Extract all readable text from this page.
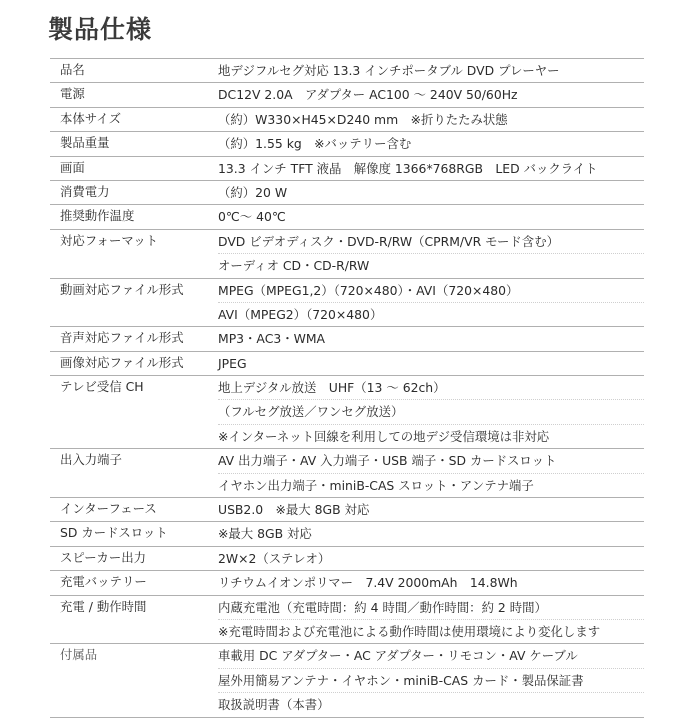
製品仕様
品名	地デジフルセグ対応 13.3 インチポータブル DVD プレーヤー

電源	DC12V 2.0A　アダプター AC100 ～ 240V 50/60Hz

本体サイズ	（約）W330×H45×D240 mm　※折りたたみ状態

製品重量	（約）1.55 kg　※バッテリー含む

画面	13.3 インチ TFT 液晶　解像度 1366*768RGB　LED バックライト

消費電力	（約）20 W

推奨動作温度	0℃～ 40℃

対応フォーマット	DVD ビデオディスク・DVD-R/RW（CPRM/VR モード含む）
オーディオ CD・CD-R/RW

動画対応ファイル形式	MPEG（MPEG1,2）（720×480）・AVI（720×480）
AVI（MPEG2）（720×480）

音声対応ファイル形式	MP3・AC3・WMA

画像対応ファイル形式	JPEG

テレビ受信 CH	地上デジタル放送　UHF（13 ～ 62ch）
（フルセグ放送／ワンセグ放送）
※インターネット回線を利用しての地デジ受信環境は非対応

出入力端子	AV 出力端子・AV 入力端子・USB 端子・SD カードスロット
イヤホン出力端子・miniB-CAS スロット・アンテナ端子

インターフェース	USB2.0　※最大 8GB 対応

SD カードスロット	※最大 8GB 対応

スピーカー出力	2W×2（ステレオ）

充電バッテリー	リチウムイオンポリマー　7.4V 2000mAh　14.8Wh

充電 / 動作時間	内蔵充電池（充電時間：約 4 時間／動作時間：約 2 時間）
※充電時間および充電池による動作時間は使用環境により変化します

付属品	車載用 DC アダプター・AC アダプター・リモコン・AV ケーブル
屋外用簡易アンテナ・イヤホン・miniB-CAS カード・製品保証書
取扱説明書（本書）
